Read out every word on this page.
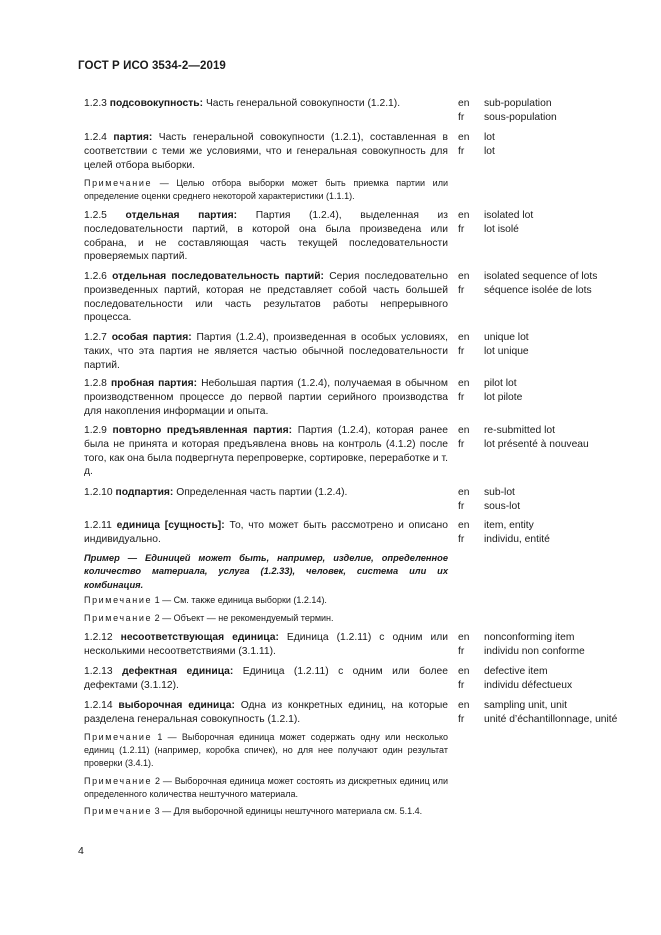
ГОСТ Р ИСО 3534-2—2019
1.2.3 подсовокупность: Часть генеральной совокупности (1.2.1).	en
fr
sub-population
sous-population
1.2.4 партия: Часть генеральной совокупности (1.2.1), составленная в соответствии с теми же условиями, что и генеральная совокупность для целей отбора выборки.
en
fr
lot
lot
Примечание — Целью отбора выборки может быть приемка партии или определение оценки среднего некоторой характеристики (1.1.1).
1.2.5 отдельная партия: Партия (1.2.4), выделенная из последовательности партий, в которой она была произведена или собрана, и не составляющая часть текущей последовательности проверяемых партий.
en
fr
isolated lot
lot isolé
1.2.6 отдельная последовательность партий: Серия последовательно произведенных партий, которая не представляет собой часть большей последовательности или часть результатов работы непрерывного процесса.
en
fr
isolated sequence of lots
séquence isolée de lots
1.2.7 особая партия: Партия (1.2.4), произведенная в особых условиях, таких, что эта партия не является частью обычной последовательности партий.
en
fr
unique lot
lot unique
1.2.8 пробная партия: Небольшая партия (1.2.4), получаемая в обычном производственном процессе до первой партии серийного производства для накопления информации и опыта.
en
fr
pilot lot
lot pilote
1.2.9 повторно предъявленная партия: Партия (1.2.4), которая ранее была не принята и которая предъявлена вновь на контроль (4.1.2) после того, как она была подвергнута перепроверке, сортировке, переработке и т. д.
en
fr
re-submitted lot
lot présenté à nouveau
1.2.10 подпартия: Определенная часть партии (1.2.4).	en
fr
sub-lot
sous-lot
1.2.11 единица [сущность]: То, что может быть рассмотрено и описано индивидуально.
en
fr
item, entity
individu, entité
Пример — Единицей может быть, например, изделие, определенное количество материала, услуга (1.2.33), человек, система или их комбинация.
Примечание 1 — См. также единица выборки (1.2.14).
Примечание 2 — Объект — не рекомендуемый термин.
1.2.12 несоответствующая единица: Единица (1.2.11) с одним или несколькими несоответствиями (3.1.11).
en
fr
nonconforming item
individu non conforme
1.2.13 дефектная единица: Единица (1.2.11) с одним или более дефектами (3.1.12).
en
fr
defective item
individu défectueux
1.2.14 выборочная единица: Одна из конкретных единиц, на которые разделена генеральная совокупность (1.2.1).
en
fr
sampling unit, unit
unité d’échantillonnage, unité
Примечание 1 — Выборочная единица может содержать одну или несколько единиц (1.2.11) (например, коробка спичек), но для нее получают один результат проверки (3.4.1).
Примечание 2 — Выборочная единица может состоять из дискретных единиц или определенного количества нештучного материала.
Примечание 3 — Для выборочной единицы нештучного материала см. 5.1.4.
4
